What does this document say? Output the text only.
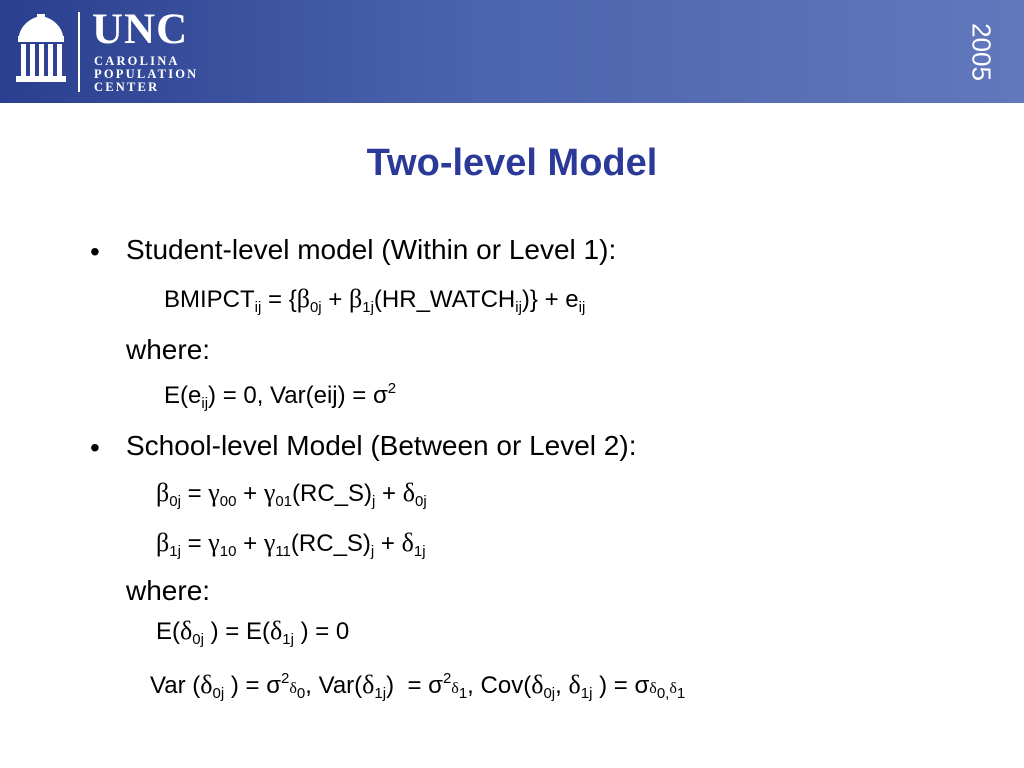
UNC
CAROLINA
POPULATION
CENTER
2005
Two-level Model
• Student-level model (Within or Level 1):
$BMIPCT_{ij} = \{\beta_{0j}$ + $\beta_{1j}(HR\_WATCH_{ij})\} + e_{ij}$
where:
$E(e_{ij}) = 0$, $Var(eij) = \sigma^2$
• School-level Model (Between or Level 2):
$\beta_{0j} = \gamma_{00}$ + $\gamma_{01}(RC\_S)_j + \delta_{0j}$
$\beta_{1j} = \gamma_{10}$ + $\gamma_{11}(RC\_S)_j + \delta_{1j}$
where:
$E(\delta_{0j}$ ) = $E(\delta_{1j}$ ) = 0
Var ($\delta_{0j}$ ) = $\sigma^2\delta_0$, $Var(\delta_{1j}) = \sigma^2\delta_1$, $Cov(\delta_{0j}$, $\delta_{1j}$ ) = $\sigma\delta_{0,}\delta_1$
